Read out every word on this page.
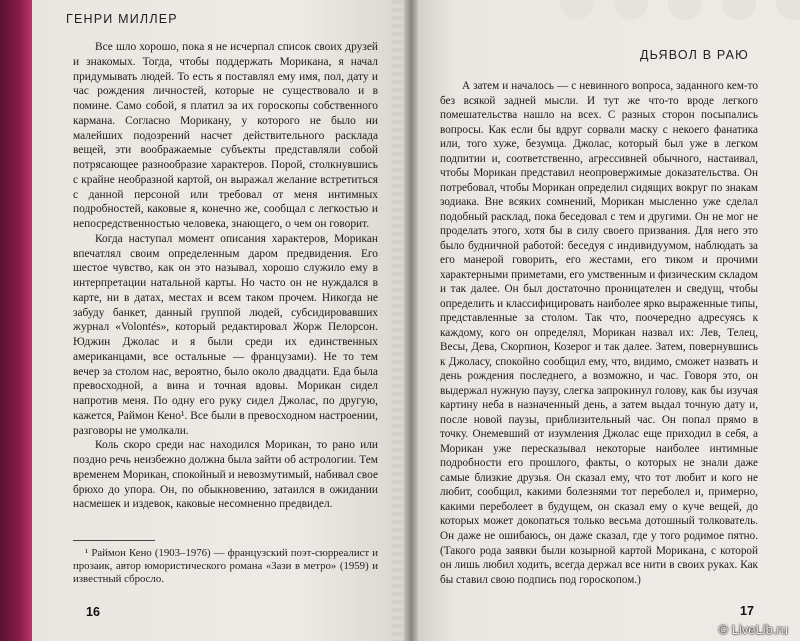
ГЕНРИ МИЛЛЕР

Все шло хорошо, пока я не исчерпал список своих друзей и знакомых. Тогда, чтобы поддержать Морикана, я начал придумывать людей. То есть я поставлял ему имя, пол, дату и час рождения личностей, которые не существовало и в помине. Само собой, я платил за их гороскопы собственного кармана. Согласно Морикану, у которого не было ни малейших подозрений насчет действительного расклада вещей, эти воображаемые субъекты представляли собой потрясающее разнообразие характеров. Порой, столкнувшись с крайне необразной картой, он выражал желание встретиться с данной персоной или требовал от меня интимных подробностей, каковые я, конечно же, сообщал с легкостью и непосредственностью человека, знающего, о чем он говорит.

Когда наступал момент описания характеров, Морикан впечатлял своим определенным даром предвидения. Его шестое чувство, как он это называл, хорошо служило ему в интерпретации натальной карты. Но часто он не нуждался в карте, ни в датах, местах и всем таком прочем. Никогда не забуду банкет, данный группой людей, субсидировавших журнал «Volontés», который редактировал Жорж Пелорсон. Юджин Джолас и я были среди их единственных американцами, все остальные — французами). Не то тем вечер за столом нас, вероятно, было около двадцати. Еда была превосходной, а вина и точная вдовы. Морикан сидел напротив меня. По одну его руку сидел Джолас, по другую, кажется, Раймон Кено¹. Все были в превосходном настроении, разговоры не умолкали.

Коль скоро среди нас находился Морикан, то рано или поздно речь неизбежно должна была зайти об астрологии. Тем временем Морикан, спокойный и невозмутимый, набивал свое брюхо до упора. Он, по обыкновению, затаился в ожидании насмешек и издевок, каковые несомненно предвидел.

¹ Раймон Кено (1903–1976) — французский поэт-сюрреалист и прозаик, автор юмористического романа «Зази в метро» (1959) и известный сбросло.

16
ДЬЯВОЛ В РАЮ

А затем и началось — с невинного вопроса, заданного кем-то без всякой задней мысли. И тут же что-то вроде легкого помешательства нашло на всех. С разных сторон посыпались вопросы. Как если бы вдруг сорвали маску с некоего фанатика или, того хуже, безумца. Джолас, который был уже в легком подпитии и, соответственно, агрессивней обычного, настаивал, чтобы Морикан представил неопровержимые доказательства. Он потребовал, чтобы Морикан определил сидящих вокруг по знакам зодиака. Вне всяких сомнений, Морикан мысленно уже сделал подобный расклад, пока беседовал с тем и другими. Он не мог не проделать этого, хотя бы в силу своего призвания. Для него это было будничной работой: беседуя с индивидуумом, наблюдать за его манерой говорить, его жестами, его тиком и прочими характерными приметами, его умственным и физическим складом и так далее. Он был достаточно проницателен и сведущ, чтобы определить и классифицировать наиболее ярко выраженные типы, представленные за столом. Так что, поочередно адресуясь к каждому, кого он определял, Морикан назвал их: Лев, Телец, Весы, Дева, Скорпион, Козерог и так далее. Затем, повернувшись к Джоласу, спокойно сообщил ему, что, видимо, сможет назвать и день рождения последнего, а возможно, и час. Говоря это, он выдержал нужную паузу, слегка запрокинул голову, как бы изучая картину неба в назначенный день, а затем выдал точную дату и, после новой паузы, приблизительный час. Он попал прямо в точку. Онемевший от изумления Джолас еще приходил в себя, а Морикан уже пересказывал некоторые наиболее интимные подробности его прошлого, факты, о которых не знали даже самые близкие друзья. Он сказал ему, что тот любит и кого не любит, сообщил, какими болезнями тот переболел и, примерно, какими переболеет в будущем, он сказал ему о куче вещей, до которых может докопаться только весьма дотошный толкователь. Он даже не ошибаюсь, он даже сказал, где у того родимое пятно. (Такого рода заявки были козырной картой Морикана, с которой он лишь любил ходить, всегда держал все нити в своих руках. Как бы ставил свою подпись под гороскопом.)

17
© LiveLib.ru
